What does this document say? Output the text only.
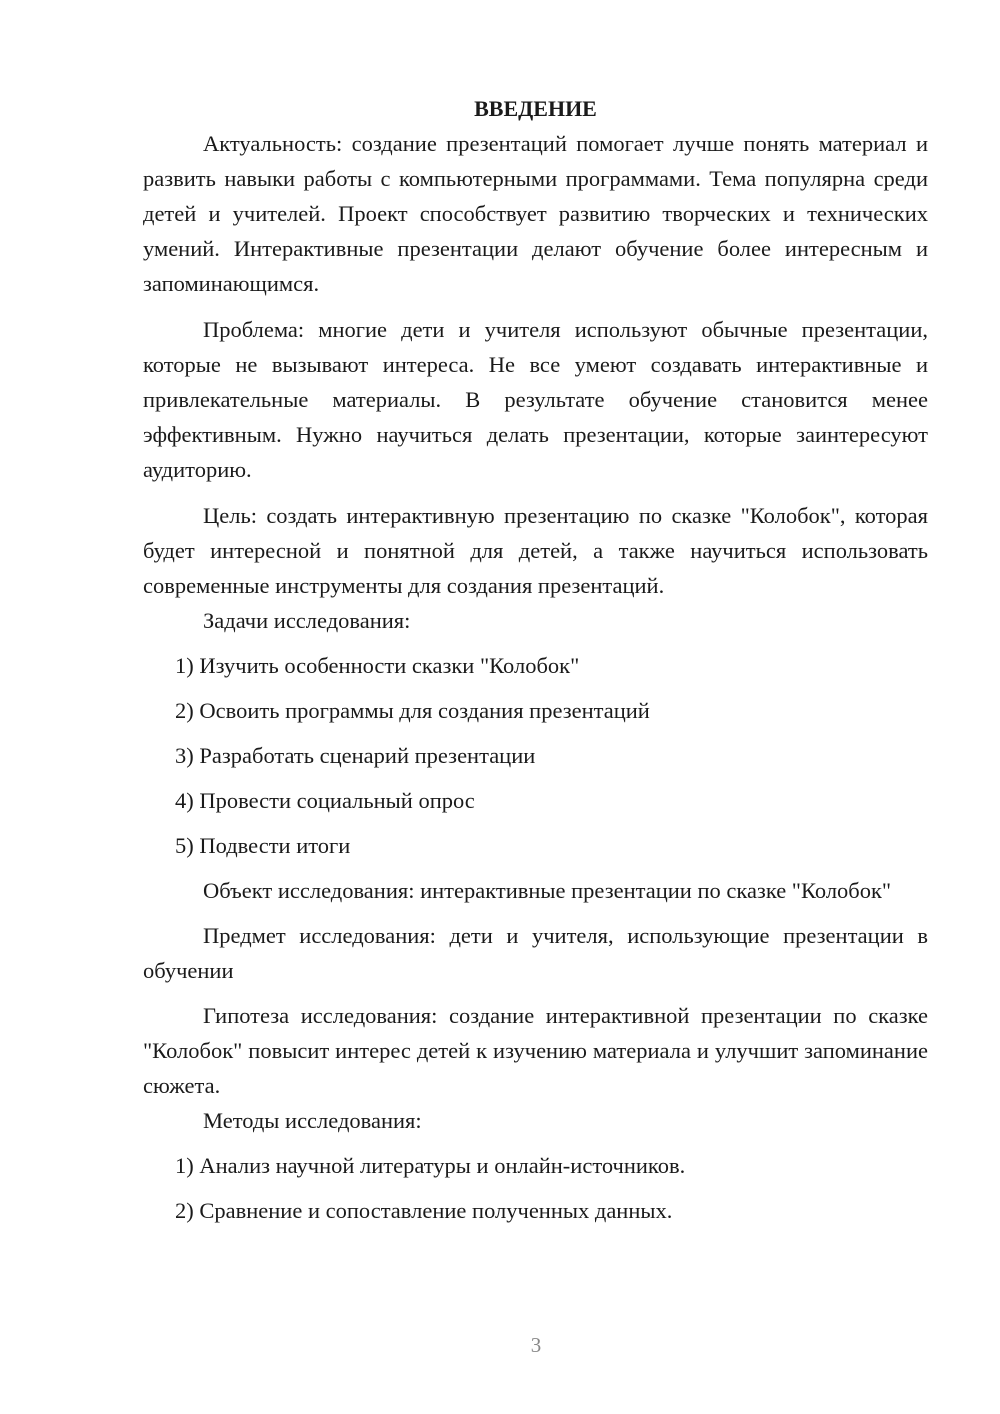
ВВЕДЕНИЕ

Актуальность: создание презентаций помогает лучше понять материал и развить навыки работы с компьютерными программами. Тема популярна среди детей и учителей. Проект способствует развитию творческих и технических умений. Интерактивные презентации делают обучение более интересным и запоминающимся.

Проблема: многие дети и учителя используют обычные презентации, которые не вызывают интереса. Не все умеют создавать интерактивные и привлекательные материалы. В результате обучение становится менее эффективным. Нужно научиться делать презентации, которые заинтересуют аудиторию.

Цель: создать интерактивную презентацию по сказке "Колобок", которая будет интересной и понятной для детей, а также научиться использовать современные инструменты для создания презентаций.

Задачи исследования:

1) Изучить особенности сказки "Колобок"

2) Освоить программы для создания презентаций

3) Разработать сценарий презентации

4) Провести социальный опрос

5) Подвести итоги

Объект исследования: интерактивные презентации по сказке "Колобок"

Предмет исследования: дети и учителя, использующие презентации в обучении

Гипотеза исследования: создание интерактивной презентации по сказке "Колобок" повысит интерес детей к изучению материала и улучшит запоминание сюжета.

Методы исследования:

1) Анализ научной литературы и онлайн-источников.

2) Сравнение и сопоставление полученных данных.

3
